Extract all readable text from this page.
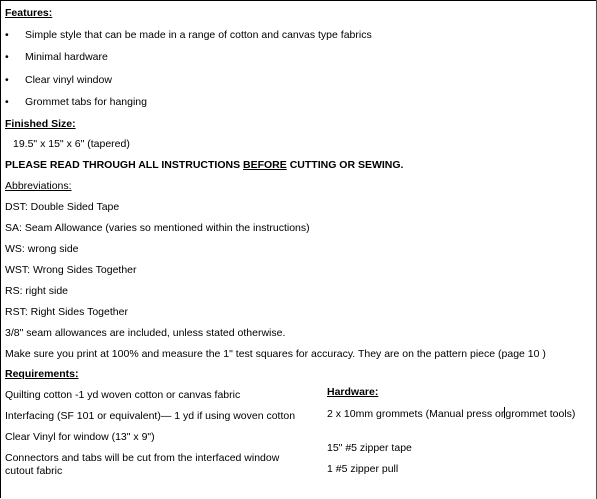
Features:
•	Simple style that can be made in a range of cotton and canvas type fabrics
•	Minimal hardware
•	Clear vinyl window
•	Grommet tabs for hanging
Finished Size:
19.5" x 15" x 6" (tapered)
PLEASE READ THROUGH ALL INSTRUCTIONS BEFORE CUTTING OR SEWING.
Abbreviations:
DST: Double Sided Tape
SA: Seam Allowance (varies so mentioned within the instructions)
WS: wrong side
WST: Wrong Sides Together
RS: right side
RST: Right Sides Together
3/8" seam allowances are included, unless stated otherwise.
Make sure you print at 100% and measure the 1" test squares for accuracy. They are on the pattern piece (page 10 )
Requirements:
Quilting cotton -1 yd woven cotton or canvas fabric
Interfacing (SF 101 or equivalent)— 1 yd if using woven cotton
Clear Vinyl for window (13" x 9")
Connectors and tabs will be cut from the interfaced window cutout fabric
Hardware:
2 x 10mm grommets (Manual press orgrommet tools)
15" #5 zipper tape
1 #5 zipper pull
